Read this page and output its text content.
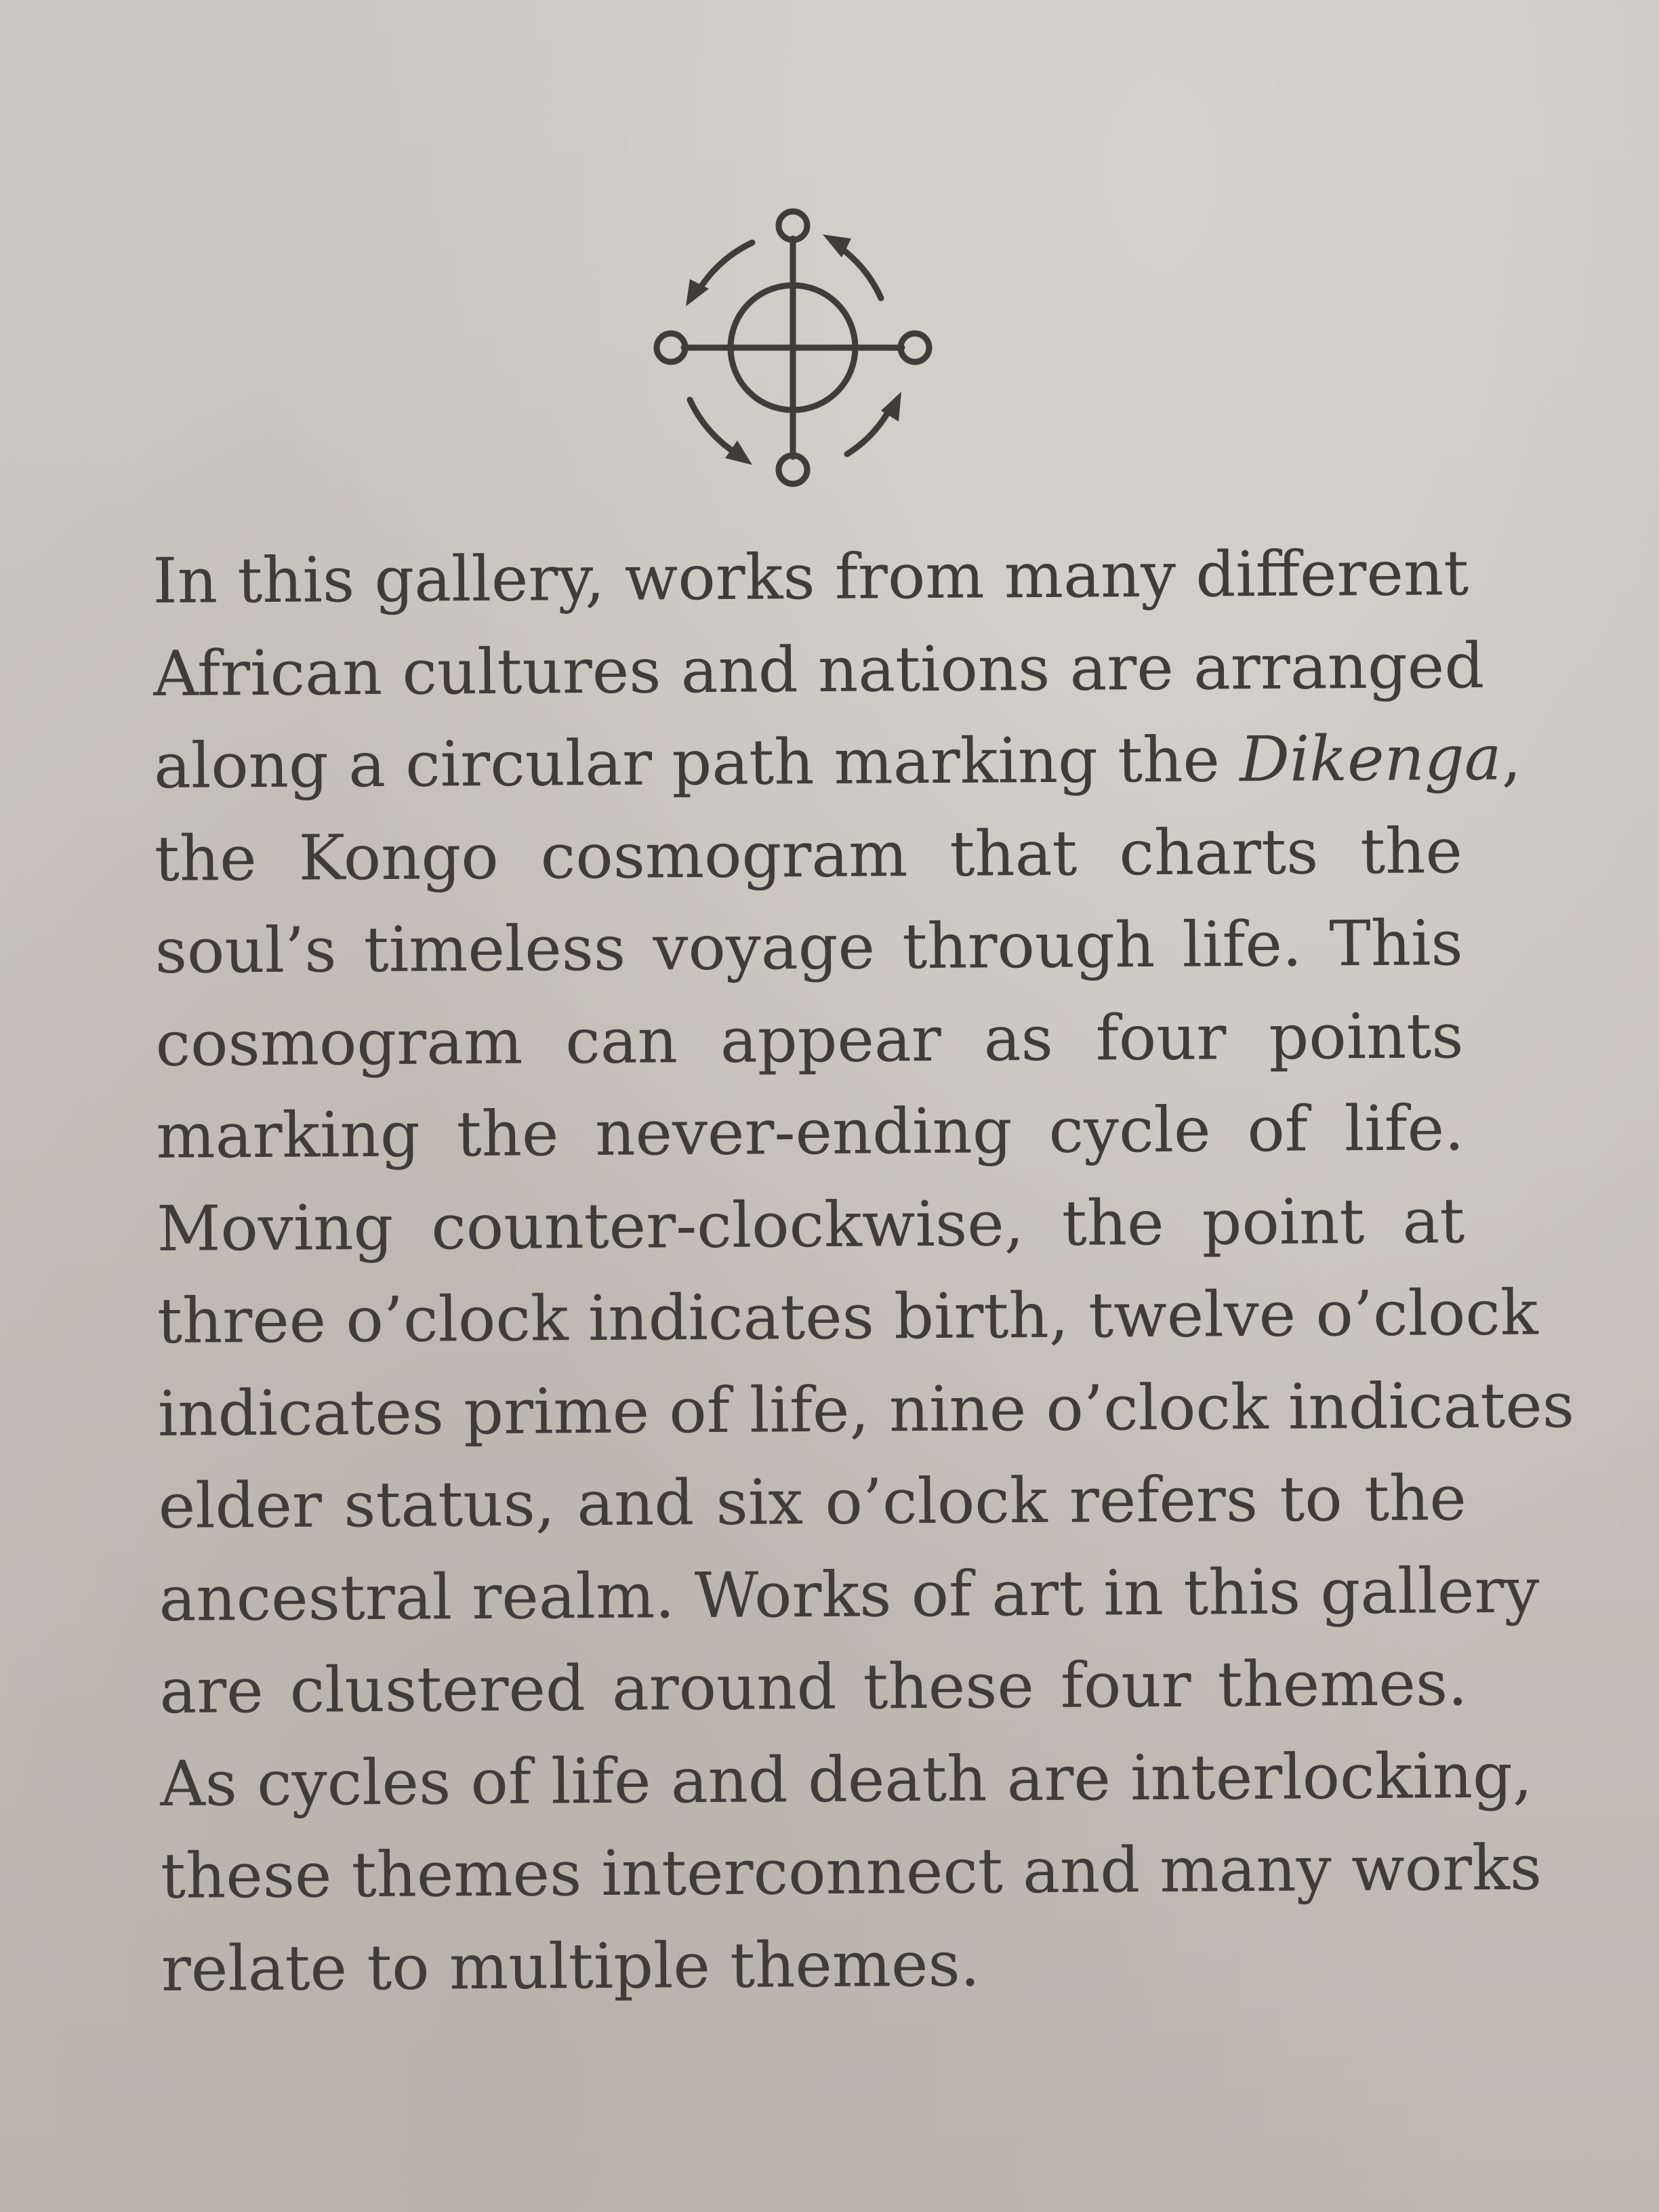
In this gallery, works from many different
African cultures and nations are arranged
along a circular path marking the Dikenga,
the Kongo cosmogram that charts the
soul’s timeless voyage through life. This
cosmogram can appear as four points
marking the never-ending cycle of life.
Moving counter-clockwise, the point at
three o’clock indicates birth, twelve o’clock
indicates prime of life, nine o’clock indicates
elder status, and six o’clock refers to the
ancestral realm. Works of art in this gallery
are clustered around these four themes.
As cycles of life and death are interlocking,
these themes interconnect and many works
relate to multiple themes.
